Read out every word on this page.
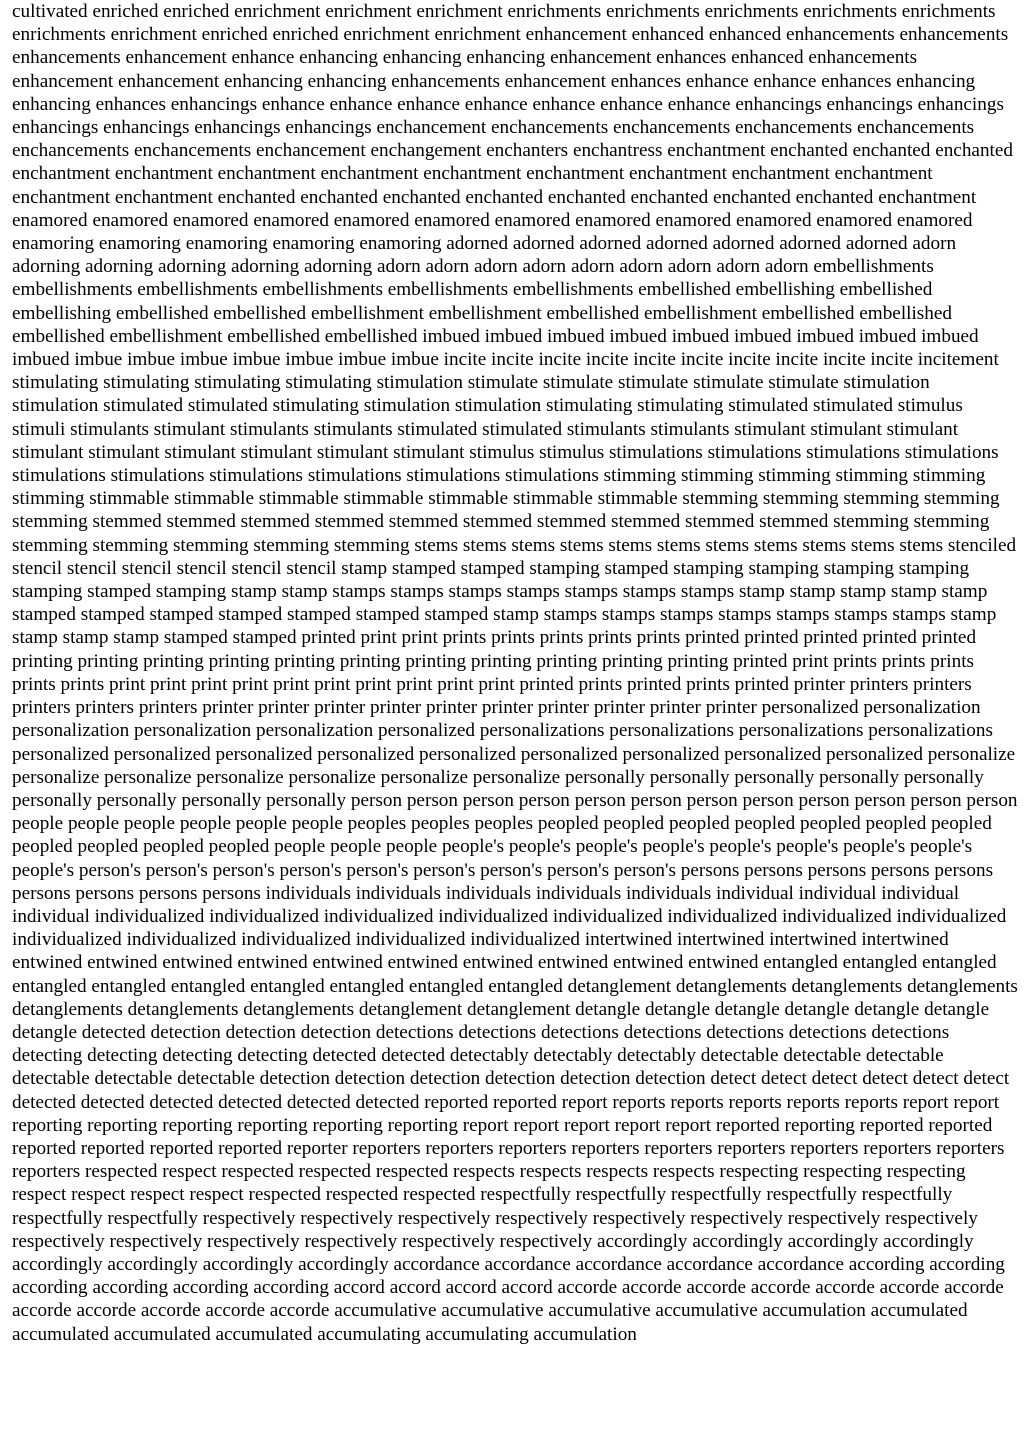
cultivated enriched enriched enrichment enrichment enrichment enrichments enrichments enrichments enrichments enrichments enrichments enrichment enriched enriched enrichment enrichment enhancement enhanced enhanced enhancements enhancements enhancements enhancement enhance enhancing enhancing enhancing enhancement enhances enhanced enhancements enhancement enhancement enhancing enhancing enhancements enhancement enhances enhance enhance enhances enhancing enhancing enhances enhancings enhance enhance enhance enhance enhance enhance enhance enhancings enhancings enhancings enhancings enhancings enhancings enhancings enchancement enchancements enchancements enchancements enchancements enchancements enchancements enchancement enchangement enchanters enchantress enchantment enchanted enchanted enchanted enchantment enchantment enchantment enchantment enchantment enchantment enchantment enchantment enchantment enchantment enchantment enchanted enchanted enchanted enchanted enchanted enchanted enchanted enchanted enchantment enamored enamored enamored enamored enamored enamored enamored enamored enamored enamored enamored enamored enamoring enamoring enamoring enamoring enamoring adorned adorned adorned adorned adorned adorned adorned adorn adorning adorning adorning adorning adorning adorn adorn adorn adorn adorn adorn adorn adorn adorn embellishments embellishments embellishments embellishments embellishments embellishments embellished embellishing embellished embellishing embellished embellished embellishment embellishment embellished embellishment embellished embellished embellished embellishment embellished embellished imbued imbued imbued imbued imbued imbued imbued imbued imbued imbued imbue imbue imbue imbue imbue imbue imbue incite incite incite incite incite incite incite incite incite incite incitement stimulating stimulating stimulating stimulating stimulation stimulate stimulate stimulate stimulate stimulate stimulation stimulation stimulated stimulated stimulating stimulation stimulation stimulating stimulating stimulated stimulated stimulus stimuli stimulants stimulant stimulants stimulants stimulated stimulated stimulants stimulants stimulant stimulant stimulant stimulant stimulant stimulant stimulant stimulant stimulant stimulus stimulus stimulations stimulations stimulations stimulations stimulations stimulations stimulations stimulations stimulations stimulations stimming stimming stimming stimming stimming stimming stimmable stimmable stimmable stimmable stimmable stimmable stimmable stemming stemming stemming stemming stemming stemmed stemmed stemmed stemmed stemmed stemmed stemmed stemmed stemmed stemmed stemming stemming stemming stemming stemming stemming stemming stems stems stems stems stems stems stems stems stems stems stems stenciled stencil stencil stencil stencil stencil stencil stamp stamped stamped stamping stamped stamping stamping stamping stamping stamping stamped stamping stamp stamp stamps stamps stamps stamps stamps stamps stamps stamp stamp stamp stamp stamp stamped stamped stamped stamped stamped stamped stamped stamp stamps stamps stamps stamps stamps stamps stamps stamp stamp stamp stamp stamped stamped printed print print prints prints prints prints prints printed printed printed printed printed printing printing printing printing printing printing printing printing printing printing printing printed print prints prints prints prints prints print print print print print print print print print print printed prints printed prints printed printer printers printers printers printers printers printer printer printer printer printer printer printer printer printer printer personalized personalization personalization personalization personalization personalized personalizations personalizations personalizations personalizations personalized personalized personalized personalized personalized personalized personalized personalized personalized personalize personalize personalize personalize personalize personalize personalize personally personally personally personally personally personally personally personally personally person person person person person person person person person person person person people people people people people people peoples peoples peoples peopled peopled peopled peopled peopled peopled peopled peopled peopled peopled peopled people people people people's people's people's people's people's people's people's people's people's person's person's person's person's person's person's person's person's person's persons persons persons persons persons persons persons persons persons individuals individuals individuals individuals individuals individual individual individual individual individualized individualized individualized individualized individualized individualized individualized individualized individualized individualized individualized individualized individualized intertwined intertwined intertwined intertwined entwined entwined entwined entwined entwined entwined entwined entwined entwined entwined entangled entangled entangled entangled entangled entangled entangled entangled entangled entangled detanglement detanglements detanglements detanglements detanglements detanglements detanglements detanglement detanglement detangle detangle detangle detangle detangle detangle detangle detected detection detection detection detections detections detections detections detections detections detections detecting detecting detecting detecting detected detected detectably detectably detectably detectable detectable detectable detectable detectable detectable detection detection detection detection detection detection detect detect detect detect detect detect detected detected detected detected detected detected reported reported report reports reports reports reports reports report report reporting reporting reporting reporting reporting reporting report report report report report reported reporting reported reported reported reported reported reported reporter reporters reporters reporters reporters reporters reporters reporters reporters reporters reporters respected respect respected respected respected respects respects respects respects respecting respecting respecting respect respect respect respect respected respected respected respectfully respectfully respectfully respectfully respectfully respectfully respectfully respectively respectively respectively respectively respectively respectively respectively respectively respectively respectively respectively respectively respectively respectively accordingly accordingly accordingly accordingly accordingly accordingly accordingly accordingly accordance accordance accordance accordance accordance according according according according according according accord accord accord accord accorde accorde accorde accorde accorde accorde accorde accorde accorde accorde accorde accorde accumulative accumulative accumulative accumulative accumulation accumulated accumulated accumulated accumulated accumulating accumulating accumulation
